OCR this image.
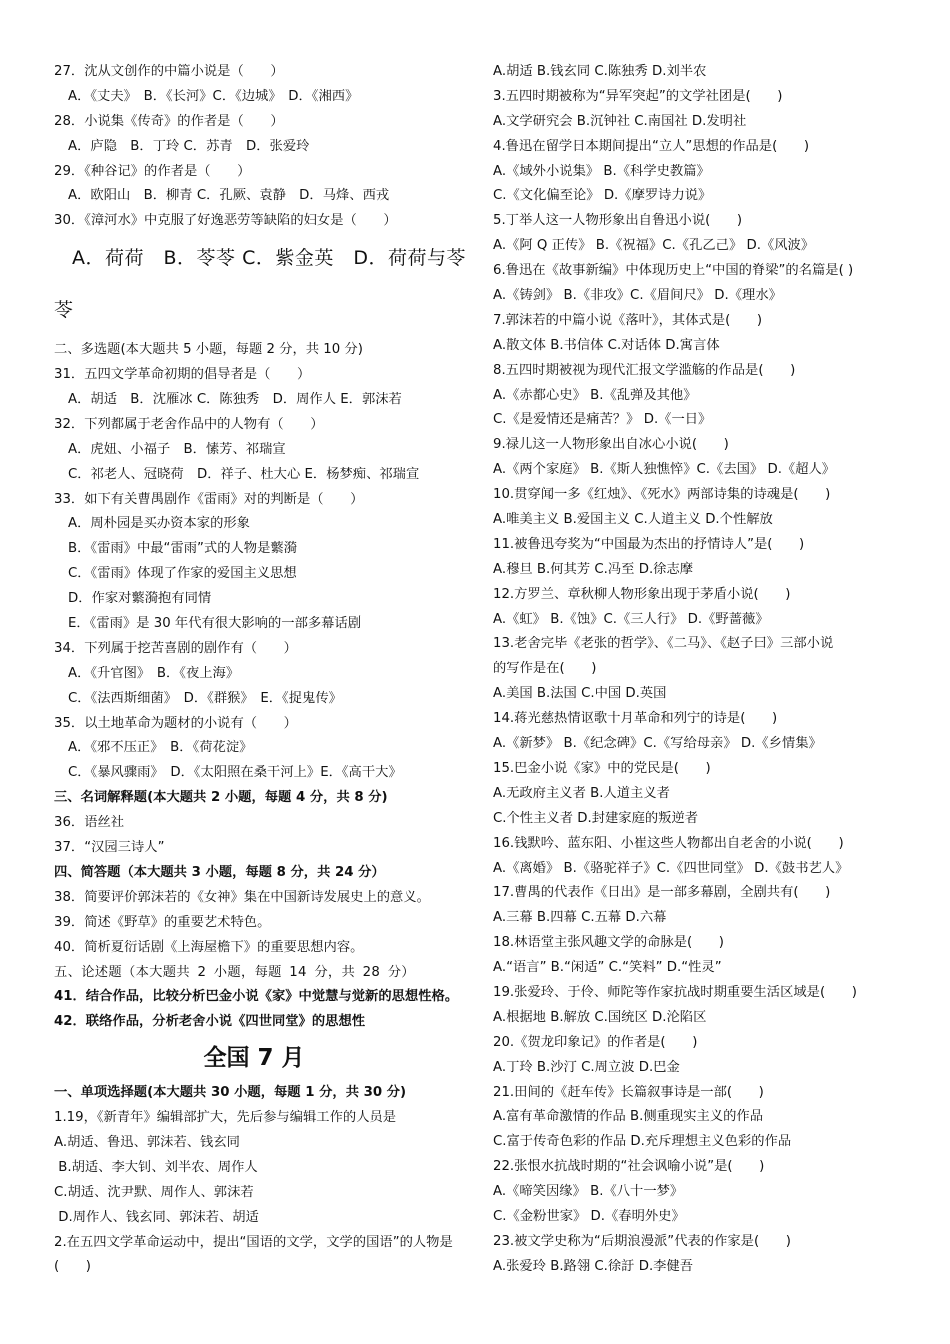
27．沈从文创作的中篇小说是（　　）
A．《丈夫》　B．《长河》C．《边城》　D．《湘西》
28．小说集《传奇》的作者是（　　）
A．庐隐　B．丁玲 C．苏青　D．张爱玲
29．《种谷记》的作者是（　　）
A．欧阳山　B．柳青 C．孔厥、袁静　D．马烽、西戎
30．《漳河水》中克服了好逸恶劳等缺陷的妇女是（　　）
A．荷荷　B．苓苓 C．紫金英　D．荷荷与苓
苓
二、多选题(本大题共 5 小题，每题 2 分，共 10 分)
31．五四文学革命初期的倡导者是（　　）
A．胡适　B．沈雁冰 C．陈独秀　D．周作人 E．郭沫若
32．下列都属于老舍作品中的人物有（　　）
A．虎妞、小福子　B．愫芳、祁瑞宣
C．祁老人、冠晓荷　D．祥子、杜大心 E．杨梦痴、祁瑞宣
33．如下有关曹禺剧作《雷雨》对的判断是（　　）
A．周朴园是买办资本家的形象
B．《雷雨》中最“雷雨”式的人物是蘩漪
C．《雷雨》体现了作家的爱国主义思想
D．作家对蘩漪抱有同情
E．《雷雨》是 30 年代有很大影响的一部多幕话剧
34．下列属于挖苦喜剧的剧作有（　　）
A．《升官图》　B．《夜上海》
C．《法西斯细菌》　D．《群猴》　E．《捉鬼传》
35．以土地革命为题材的小说有（　　）
A．《邪不压正》　B．《荷花淀》
C．《暴风骤雨》　D．《太阳照在桑干河上》E．《高干大》
三、名词解释题(本大题共 2 小题，每题 4 分，共 8 分)
36．语丝社
37．“汉园三诗人”
四、简答题（本大题共 3 小题，每题 8 分，共 24 分）
38．简要评价郭沫若的《女神》集在中国新诗发展史上的意义。
39．简述《野草》的重要艺术特色。
40．简析夏衍话剧《上海屋檐下》的重要思想内容。
五、论述题（本大题共 2 小题，每题 14 分，共 28 分）
41．结合作品，比较分析巴金小说《家》中觉慧与觉新的思想性格。42．联络作品，分析老舍小说《四世同堂》的思想性
全国 7 月
一、单项选择题(本大题共 30 小题，每题 1 分，共 30 分)
1.19，《新青年》编辑部扩大，先后参与编辑工作的人员是
A.胡适、鲁迅、郭沫若、钱玄同
B.胡适、李大钊、刘半农、周作人
C.胡适、沈尹默、周作人、郭沫若
D.周作人、钱玄同、郭沫若、胡适
2.在五四文学革命运动中，提出“国语的文学，文学的国语”的人物是(　　)
A.胡适 B.钱玄同 C.陈独秀 D.刘半农
3.五四时期被称为“异军突起”的文学社团是(　　)
A.文学研究会 B.沉钟社 C.南国社 D.发明社
4.鲁迅在留学日本期间提出“立人”思想的作品是(　　)
A.《域外小说集》 B.《科学史教篇》
C.《文化偏至论》 D.《摩罗诗力说》
5.丁举人这一人物形象出自鲁迅小说(　　)
A.《阿 Q 正传》 B.《祝福》C.《孔乙己》 D.《风波》
6.鲁迅在《故事新编》中体现历史上“中国的脊梁”的名篇是( )
A.《铸剑》 B.《非攻》C.《眉间尺》 D.《理水》
7.郭沫若的中篇小说《落叶》，其体式是(　　)
A.散文体 B.书信体 C.对话体 D.寓言体
8.五四时期被视为现代汇报文学滥觞的作品是(　　)
A.《赤都心史》 B.《乱弹及其他》
C.《是爱情还是痛苦？》 D.《一日》
9.禄儿这一人物形象出自冰心小说(　　)
A.《两个家庭》 B.《斯人独憔悴》C.《去国》 D.《超人》
10.贯穿闻一多《红烛》、《死水》两部诗集的诗魂是(　　)
A.唯美主义 B.爱国主义 C.人道主义 D.个性解放
11.被鲁迅夸奖为“中国最为杰出的抒情诗人”是(　　)
A.穆旦 B.何其芳 C.冯至 D.徐志摩
12.方罗兰、章秋柳人物形象出现于茅盾小说(　　)
A.《虹》 B.《蚀》C.《三人行》 D.《野蔷薇》
13.老舍完毕《老张的哲学》、《二马》、《赵子曰》三部小说
的写作是在(　　)
A.美国 B.法国 C.中国 D.英国
14.蒋光慈热情讴歌十月革命和列宁的诗是(　　)
A.《新梦》 B.《纪念碑》C.《写给母亲》 D.《乡情集》
15.巴金小说《家》中的党民是(　　)
A.无政府主义者 B.人道主义者
C.个性主义者 D.封建家庭的叛逆者
16.钱默吟、蓝东阳、小崔这些人物都出自老舍的小说(　　)
A.《离婚》 B.《骆驼祥子》C.《四世同堂》 D.《鼓书艺人》
17.曹禺的代表作《日出》是一部多幕剧，全剧共有(　　)
A.三幕 B.四幕 C.五幕 D.六幕
18.林语堂主张风趣文学的命脉是(　　)
A.“语言” B.“闲适” C.“笑料” D.“性灵”
19.张爱玲、于伶、师陀等作家抗战时期重要生活区域是(　　)
A.根据地 B.解放 C.国统区 D.沦陷区
20.《贺龙印象记》的作者是(　　)
A.丁玲 B.沙汀 C.周立波 D.巴金
21.田间的《赶车传》长篇叙事诗是一部(　　)
A.富有革命激情的作品 B.侧重现实主义的作品
C.富于传奇色彩的作品 D.充斥理想主义色彩的作品
22.张恨水抗战时期的“社会讽喻小说”是(　　)
A.《啼笑因缘》 B.《八十一梦》
C.《金粉世家》 D.《春明外史》
23.被文学史称为“后期浪漫派”代表的作家是(　　)
A.张爱玲 B.路翎 C.徐訏 D.李健吾
